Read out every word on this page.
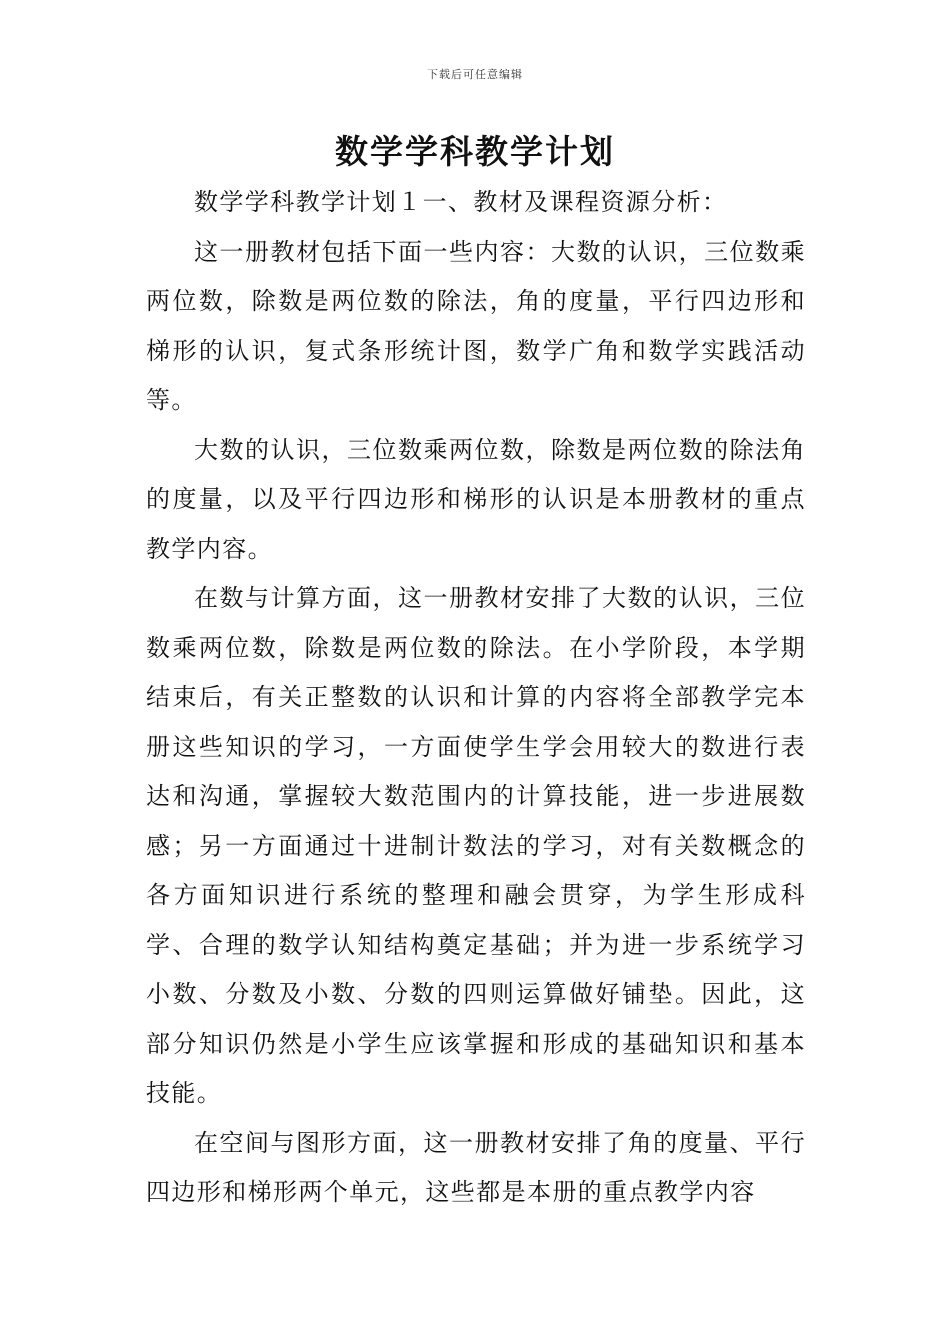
下载后可任意编辑
数学学科教学计划

数学学科教学计划１一、教材及课程资源分析：

这一册教材包括下面一些内容：大数的认识，三位数乘两位数，除数是两位数的除法，角的度量，平行四边形和梯形的认识，复式条形统计图，数学广角和数学实践活动等。

大数的认识，三位数乘两位数，除数是两位数的除法角的度量，以及平行四边形和梯形的认识是本册教材的重点教学内容。

在数与计算方面，这一册教材安排了大数的认识，三位数乘两位数，除数是两位数的除法。在小学阶段，本学期结束后，有关正整数的认识和计算的内容将全部教学完本册这些知识的学习，一方面使学生学会用较大的数进行表达和沟通，掌握较大数范围内的计算技能，进一步进展数感；另一方面通过十进制计数法的学习，对有关数概念的各方面知识进行系统的整理和融会贯穿，为学生形成科学、合理的数学认知结构奠定基础；并为进一步系统学习小数、分数及小数、分数的四则运算做好铺垫。因此，这部分知识仍然是小学生应该掌握和形成的基础知识和基本技能。

在空间与图形方面，这一册教材安排了角的度量、平行四边形和梯形两个单元，这些都是本册的重点教学内容
